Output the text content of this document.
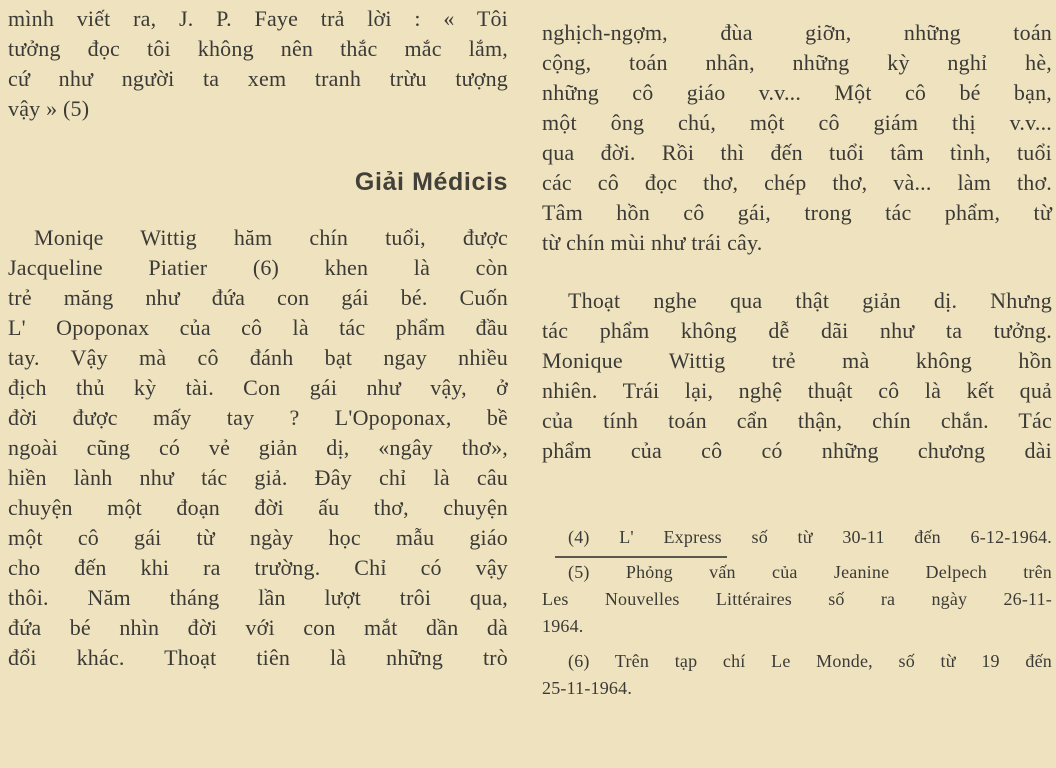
mình viết ra, J. P. Faye trả lời : « Tôi
tưởng đọc tôi không nên thắc mắc lắm,
cứ như người ta xem tranh trừu tượng
vậy » (5)
Giải Médicis
Moniqe Wittig hăm chín tuổi, được
Jacqueline Piatier (6) khen là còn
trẻ măng như đứa con gái bé. Cuốn
L' Opoponax của cô là tác phẩm đầu
tay. Vậy mà cô đánh bạt ngay nhiều
địch thủ kỳ tài. Con gái như vậy, ở
đời được mấy tay ? L'Opoponax, bề
ngoài cũng có vẻ giản dị, «ngây thơ»,
hiền lành như tác giả. Đây chỉ là câu
chuyện một đoạn đời ấu thơ, chuyện
một cô gái từ ngày học mẫu giáo
cho đến khi ra trường. Chỉ có vậy
thôi. Năm tháng lần lượt trôi qua,
đứa bé nhìn đời với con mắt dần dà
đổi khác. Thoạt tiên là những trò
nghịch-ngợm, đùa giỡn, những toán
cộng, toán nhân, những kỳ nghỉ hè,
những cô giáo v.v... Một cô bé bạn,
một ông chú, một cô giám thị v.v...
qua đời. Rồi thì đến tuổi tâm tình, tuổi
các cô đọc thơ, chép thơ, và... làm thơ.
Tâm hồn cô gái, trong tác phẩm, từ
từ chín mùi như trái cây.
Thoạt nghe qua thật giản dị. Nhưng
tác phẩm không dễ dãi như ta tưởng.
Monique Wittig trẻ mà không hồn
nhiên. Trái lại, nghệ thuật cô là kết quả
của tính toán cẩn thận, chín chắn. Tác
phẩm của cô có những chương dài
(4) L' Express số từ 30-11 đến 6-12-1964.
(5) Phỏng vấn của Jeanine Delpech trên
Les Nouvelles Littéraires số ra ngày 26-11-
1964.
(6) Trên tạp chí Le Monde, số từ 19 đến
25-11-1964.
